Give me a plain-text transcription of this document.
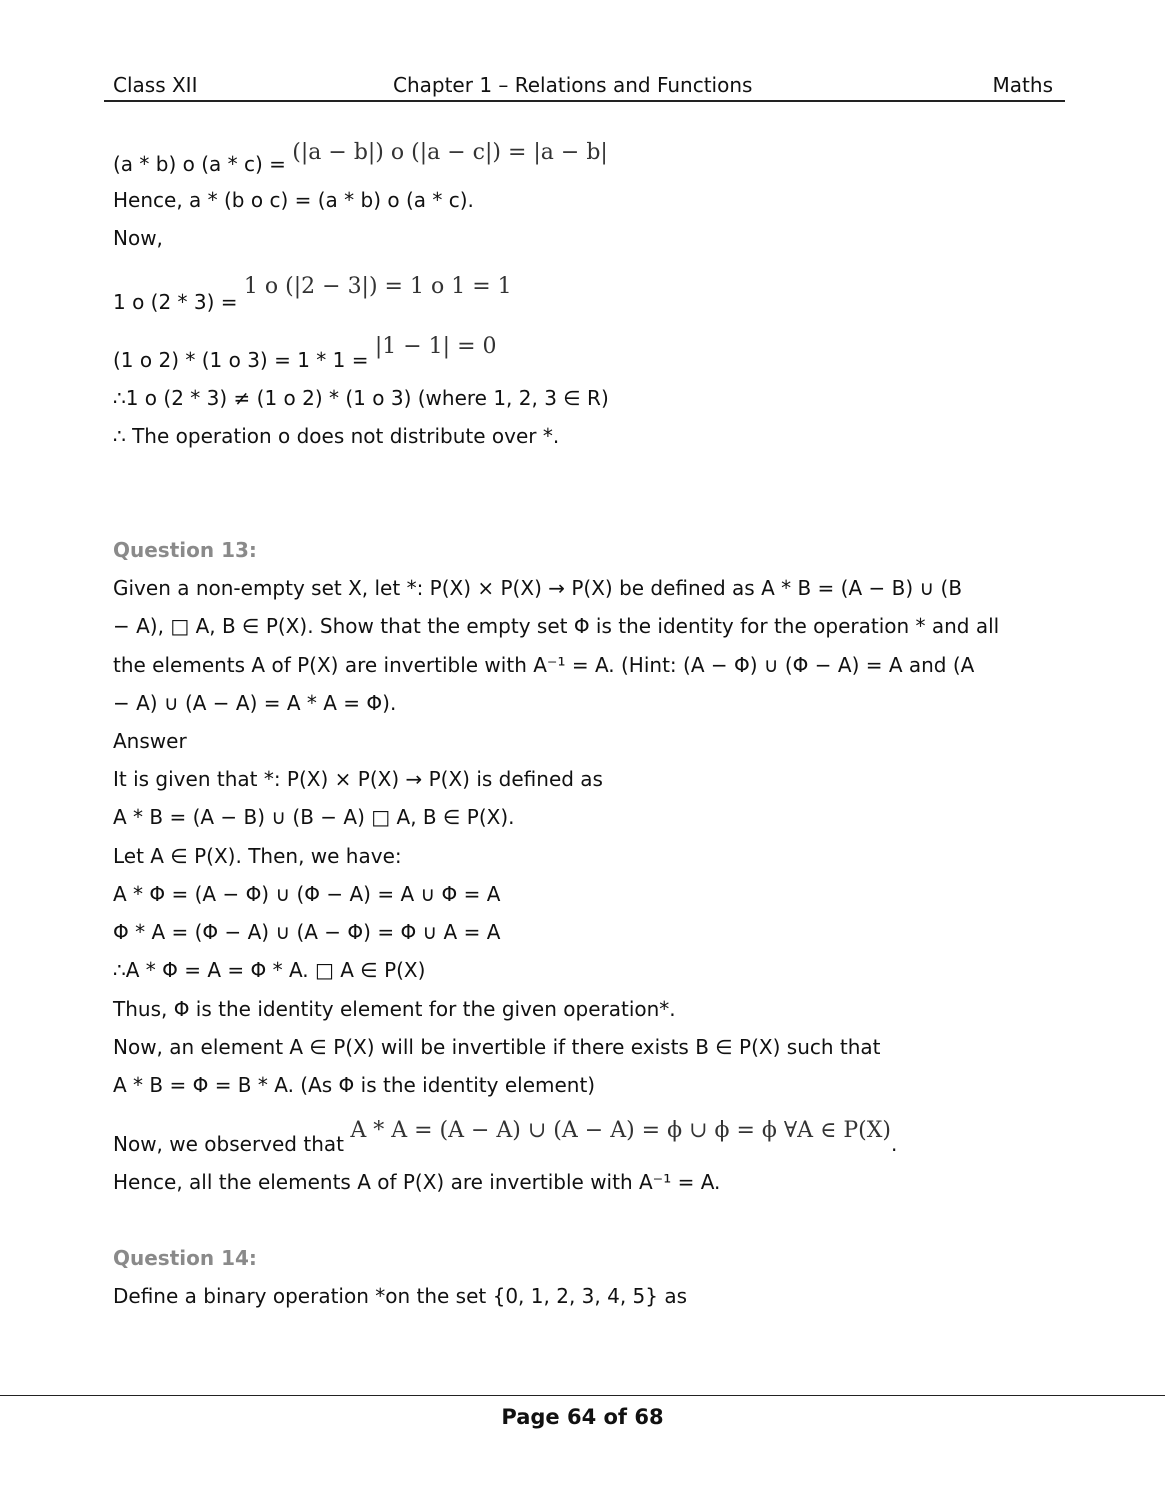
Class XII	Chapter 1 – Relations and Functions	Maths
(a * b) o (a * c) = (|a − b|) o (|a − c|) = |a − b|
Hence, a * (b o c) = (a * b) o (a * c).
Now,
1 o (2 * 3) = 1 o (|2 − 3|) = 1 o 1 = 1
(1 o 2) * (1 o 3) = 1 * 1 = |1 − 1| = 0
∴1 o (2 * 3) ≠ (1 o 2) * (1 o 3) (where 1, 2, 3 ∈ R)
∴ The operation o does not distribute over *.
Question 13:
Given a non-empty set X, let *: P(X) × P(X) → P(X) be defined as A * B = (A − B) ∪ (B
− A), □ A, B ∈ P(X). Show that the empty set Φ is the identity for the operation * and all
the elements A of P(X) are invertible with A⁻¹ = A. (Hint: (A − Φ) ∪ (Φ − A) = A and (A
− A) ∪ (A − A) = A * A = Φ).
Answer
It is given that *: P(X) × P(X) → P(X) is defined as
A * B = (A − B) ∪ (B − A) □ A, B ∈ P(X).
Let A ∈ P(X). Then, we have:
A * Φ = (A − Φ) ∪ (Φ − A) = A ∪ Φ = A
Φ * A = (Φ − A) ∪ (A − Φ) = Φ ∪ A = A
∴A * Φ = A = Φ * A. □ A ∈ P(X)
Thus, Φ is the identity element for the given operation*.
Now, an element A ∈ P(X) will be invertible if there exists B ∈ P(X) such that
A * B = Φ = B * A. (As Φ is the identity element)
Now, we observed that A * A = (A − A) ∪ (A − A) = ϕ ∪ ϕ = ϕ ∀A ∈ P(X).
Hence, all the elements A of P(X) are invertible with A⁻¹ = A.
Question 14:
Define a binary operation *on the set {0, 1, 2, 3, 4, 5} as
Page 64 of 68
